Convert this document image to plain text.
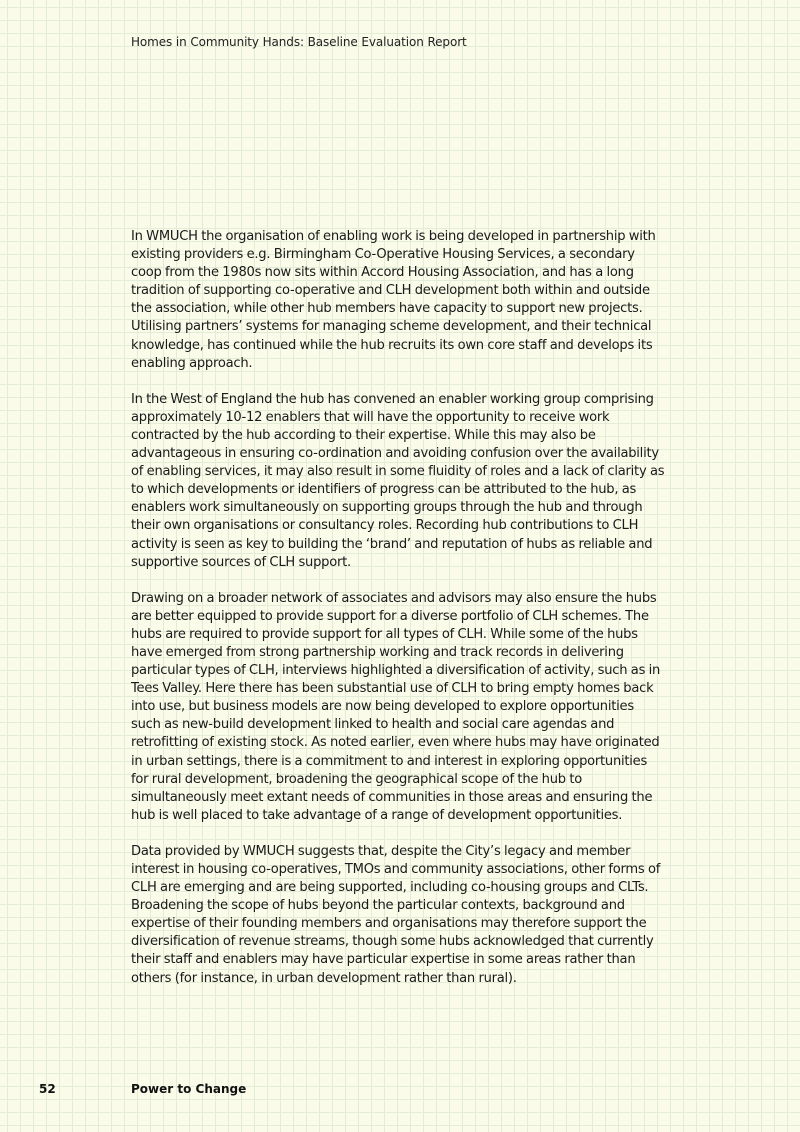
Homes in Community Hands: Baseline Evaluation Report

In WMUCH the organisation of enabling work is being developed in partnership with existing providers e.g. Birmingham Co-Operative Housing Services, a secondary coop from the 1980s now sits within Accord Housing Association, and has a long tradition of supporting co-operative and CLH development both within and outside the association, while other hub members have capacity to support new projects. Utilising partners’ systems for managing scheme development, and their technical knowledge, has continued while the hub recruits its own core staff and develops its enabling approach.

In the West of England the hub has convened an enabler working group comprising approximately 10-12 enablers that will have the opportunity to receive work contracted by the hub according to their expertise. While this may also be advantageous in ensuring co-ordination and avoiding confusion over the availability of enabling services, it may also result in some fluidity of roles and a lack of clarity as to which developments or identifiers of progress can be attributed to the hub, as enablers work simultaneously on supporting groups through the hub and through their own organisations or consultancy roles. Recording hub contributions to CLH activity is seen as key to building the ‘brand’ and reputation of hubs as reliable and supportive sources of CLH support.

Drawing on a broader network of associates and advisors may also ensure the hubs are better equipped to provide support for a diverse portfolio of CLH schemes. The hubs are required to provide support for all types of CLH. While some of the hubs have emerged from strong partnership working and track records in delivering particular types of CLH, interviews highlighted a diversification of activity, such as in Tees Valley. Here there has been substantial use of CLH to bring empty homes back into use, but business models are now being developed to explore opportunities such as new-build development linked to health and social care agendas and retrofitting of existing stock. As noted earlier, even where hubs may have originated in urban settings, there is a commitment to and interest in exploring opportunities for rural development, broadening the geographical scope of the hub to simultaneously meet extant needs of communities in those areas and ensuring the hub is well placed to take advantage of a range of development opportunities.

Data provided by WMUCH suggests that, despite the City’s legacy and member interest in housing co-operatives, TMOs and community associations, other forms of CLH are emerging and are being supported, including co-housing groups and CLTs. Broadening the scope of hubs beyond the particular contexts, background and expertise of their founding members and organisations may therefore support the diversification of revenue streams, though some hubs acknowledged that currently their staff and enablers may have particular expertise in some areas rather than others (for instance, in urban development rather than rural).

52	Power to Change
